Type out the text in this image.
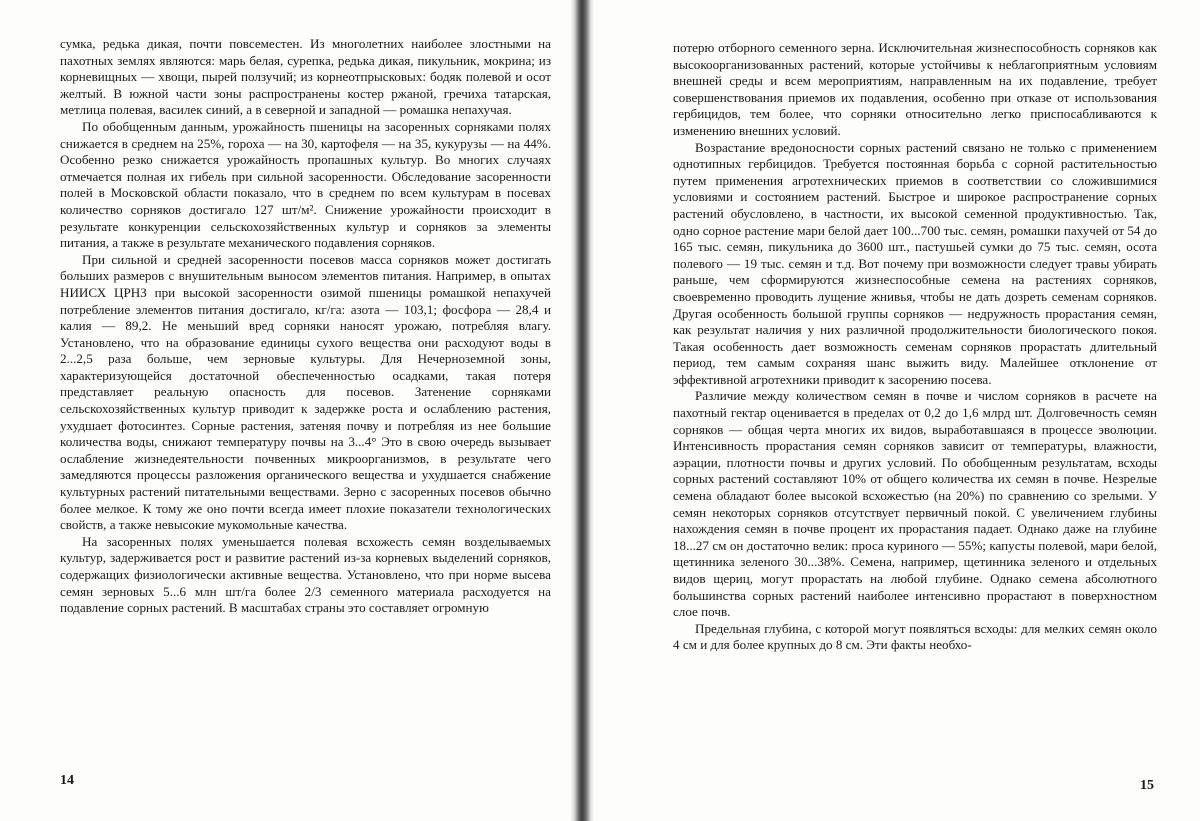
сумка, редька дикая, почти повсеместен. Из многолетних наиболее злостными на пахотных землях являются: марь белая, сурепка, редька дикая, пикульник, мокрина; из корневищных — хвощи, пырей ползучий; из корнеотпрысковых: бодяк полевой и осот желтый. В южной части зоны распространены костер ржаной, гречиха татарская, метлица полевая, василек синий, а в северной и западной — ромашка непахучая.

По обобщенным данным, урожайность пшеницы на засоренных сорняками полях снижается в среднем на 25%, гороха — на 30, картофеля — на 35, кукурузы — на 44%. Особенно резко снижается урожайность пропашных культур. Во многих случаях отмечается полная их гибель при сильной засоренности. Обследование засоренности полей в Московской области показало, что в среднем по всем культурам в посевах количество сорняков достигало 127 шт/м². Снижение урожайности происходит в результате конкуренции сельскохозяйственных культур и сорняков за элементы питания, а также в результате механического подавления сорняков.

При сильной и средней засоренности посевов масса сорняков может достигать больших размеров с внушительным выносом элементов питания. Например, в опытах НИИСХ ЦРНЗ при высокой засоренности озимой пшеницы ромашкой непахучей потребление элементов питания достигало, кг/га: азота — 103,1; фосфора — 28,4 и калия — 89,2. Не меньший вред сорняки наносят урожаю, потребляя влагу. Установлено, что на образование единицы сухого вещества они расходуют воды в 2...2,5 раза больше, чем зерновые культуры. Для Нечерноземной зоны, характеризующейся достаточной обеспеченностью осадками, такая потеря представляет реальную опасность для посевов. Затенение сорняками сельскохозяйственных культур приводит к задержке роста и ослаблению растения, ухудшает фотосинтез. Сорные растения, затеняя почву и потребляя из нее большие количества воды, снижают температуру почвы на 3...4° Это в свою очередь вызывает ослабление жизнедеятельности почвенных микроорганизмов, в результате чего замедляются процессы разложения органического вещества и ухудшается снабжение культурных растений питательными веществами. Зерно с засоренных посевов обычно более мелкое. К тому же оно почти всегда имеет плохие показатели технологических свойств, а также невысокие мукомольные качества.

На засоренных полях уменьшается полевая всхожесть семян возделываемых культур, задерживается рост и развитие растений из-за корневых выделений сорняков, содержащих физиологически активные вещества. Установлено, что при норме высева семян зерновых 5...6 млн шт/га более 2/3 семенного материала расходуется на подавление сорных растений. В масштабах страны это составляет огромную

14

потерю отборного семенного зерна. Исключительная жизнеспособность сорняков как высокоорганизованных растений, которые устойчивы к неблагоприятным условиям внешней среды и всем мероприятиям, направленным на их подавление, требует совершенствования приемов их подавления, особенно при отказе от использования гербицидов, тем более, что сорняки относительно легко приспосабливаются к изменению внешних условий.

Возрастание вредоносности сорных растений связано не только с применением однотипных гербицидов. Требуется постоянная борьба с сорной растительностью путем применения агротехнических приемов в соответствии со сложившимися условиями и состоянием растений. Быстрое и широкое распространение сорных растений обусловлено, в частности, их высокой семенной продуктивностью. Так, одно сорное растение мари белой дает 100...700 тыс. семян, ромашки пахучей от 54 до 165 тыс. семян, пикульника до 3600 шт., пастушьей сумки до 75 тыс. семян, осота полевого — 19 тыс. семян и т.д. Вот почему при возможности следует травы убирать раньше, чем сформируются жизнеспособные семена на растениях сорняков, своевременно проводить лущение жнивья, чтобы не дать дозреть семенам сорняков. Другая особенность большой группы сорняков — недружность прорастания семян, как результат наличия у них различной продолжительности биологического покоя. Такая особенность дает возможность семенам сорняков прорастать длительный период, тем самым сохраняя шанс выжить виду. Малейшее отклонение от эффективной агротехники приводит к засорению посева.

Различие между количеством семян в почве и числом сорняков в расчете на пахотный гектар оценивается в пределах от 0,2 до 1,6 млрд шт. Долговечность семян сорняков — общая черта многих их видов, выработавшаяся в процессе эволюции. Интенсивность прорастания семян сорняков зависит от температуры, влажности, аэрации, плотности почвы и других условий. По обобщенным результатам, всходы сорных растений составляют 10% от общего количества их семян в почве. Незрелые семена обладают более высокой всхожестью (на 20%) по сравнению со зрелыми. У семян некоторых сорняков отсутствует первичный покой. С увеличением глубины нахождения семян в почве процент их прорастания падает. Однако даже на глубине 18...27 см он достаточно велик: проса куриного — 55%; капусты полевой, мари белой, щетинника зеленого 30...38%. Семена, например, щетинника зеленого и отдельных видов щериц, могут прорастать на любой глубине. Однако семена абсолютного большинства сорных растений наиболее интенсивно прорастают в поверхностном слое почв.

Предельная глубина, с которой могут появляться всходы: для мелких семян около 4 см и для более крупных до 8 см. Эти факты необхо-

15
